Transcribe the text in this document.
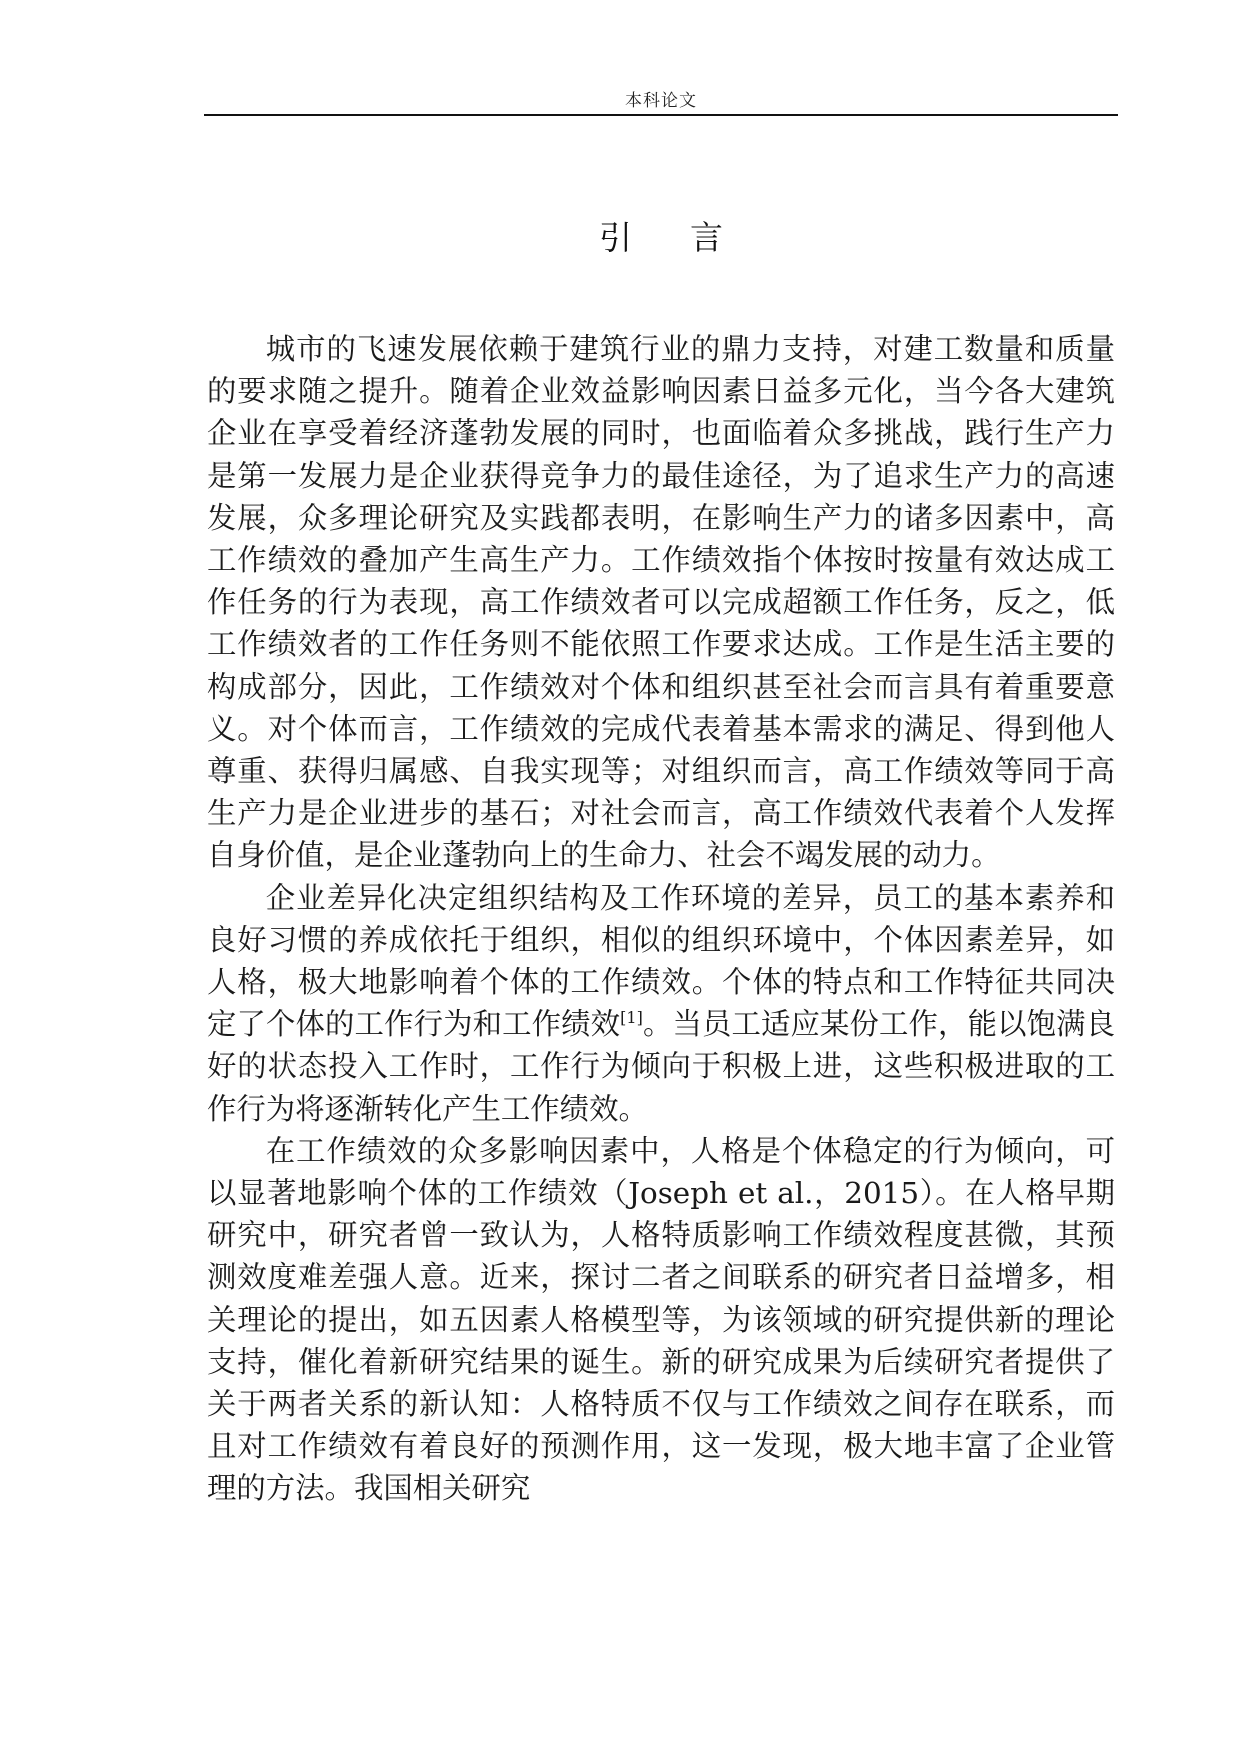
本科论文
引言

城市的飞速发展依赖于建筑行业的鼎力支持，对建工数量和质量的要求随之提升。随着企业效益影响因素日益多元化，当今各大建筑企业在享受着经济蓬勃发展的同时，也面临着众多挑战，践行生产力是第一发展力是企业获得竞争力的最佳途径，为了追求生产力的高速发展，众多理论研究及实践都表明，在影响生产力的诸多因素中，高工作绩效的叠加产生高生产力。工作绩效指个体按时按量有效达成工作任务的行为表现，高工作绩效者可以完成超额工作任务，反之，低工作绩效者的工作任务则不能依照工作要求达成。工作是生活主要的构成部分，因此，工作绩效对个体和组织甚至社会而言具有着重要意义。对个体而言，工作绩效的完成代表着基本需求的满足、得到他人尊重、获得归属感、自我实现等；对组织而言，高工作绩效等同于高生产力是企业进步的基石；对社会而言，高工作绩效代表着个人发挥自身价值，是企业蓬勃向上的生命力、社会不竭发展的动力。

企业差异化决定组织结构及工作环境的差异，员工的基本素养和良好习惯的养成依托于组织，相似的组织环境中，个体因素差异，如人格，极大地影响着个体的工作绩效。个体的特点和工作特征共同决定了个体的工作行为和工作绩效[1]。当员工适应某份工作，能以饱满良好的状态投入工作时，工作行为倾向于积极上进，这些积极进取的工作行为将逐渐转化产生工作绩效。

在工作绩效的众多影响因素中，人格是个体稳定的行为倾向，可以显著地影响个体的工作绩效（Joseph et al.，2015）。在人格早期研究中，研究者曾一致认为，人格特质影响工作绩效程度甚微，其预测效度难差强人意。近来，探讨二者之间联系的研究者日益增多，相关理论的提出，如五因素人格模型等，为该领域的研究提供新的理论支持，催化着新研究结果的诞生。新的研究成果为后续研究者提供了关于两者关系的新认知：人格特质不仅与工作绩效之间存在联系，而且对工作绩效有着良好的预测作用，这一发现，极大地丰富了企业管理的方法。我国相关研究
